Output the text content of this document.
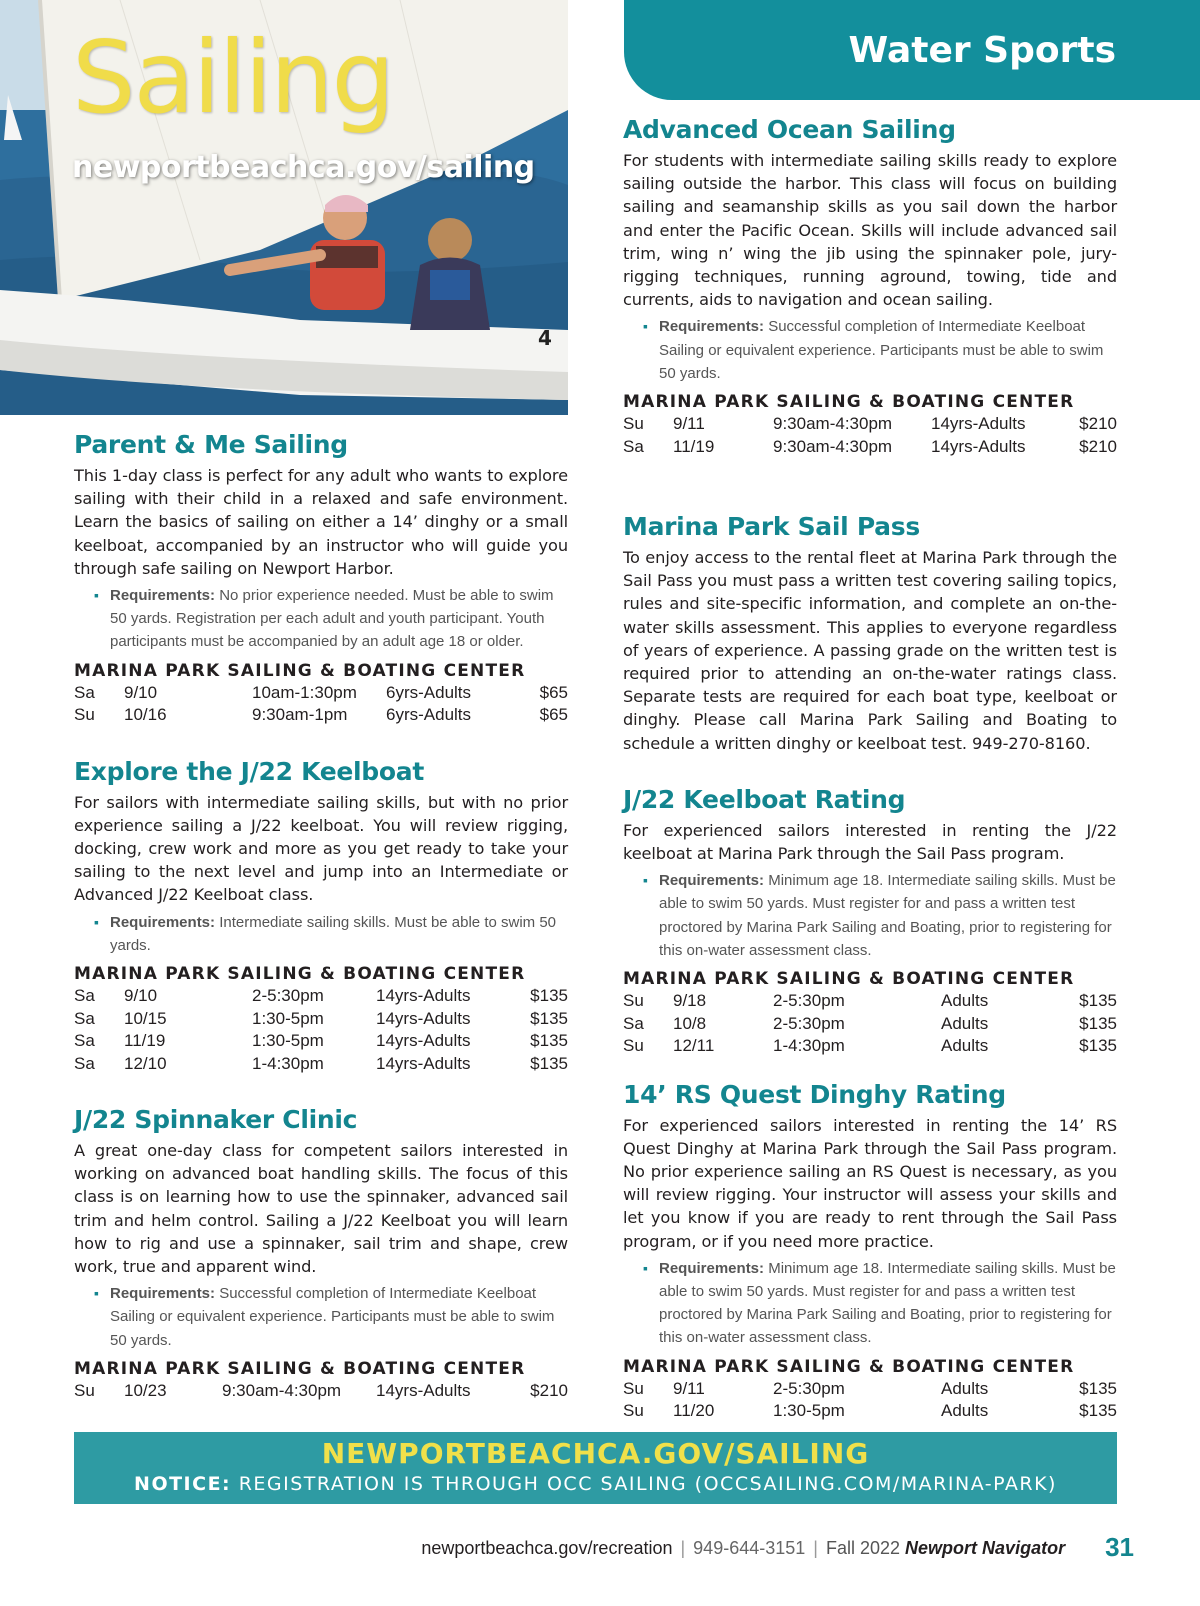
4
Sailing
newportbeachca.gov/sailing
Water Sports
Parent & Me Sailing

This 1-day class is perfect for any adult who wants to explore sailing with their child in a relaxed and safe environment. Learn the basics of sailing on either a 14’ dinghy or a small keelboat, accompanied by an instructor who will guide you through safe sailing on Newport Harbor.

▪ Requirements: No prior experience needed. Must be able to swim 50 yards. Registration per each adult and youth participant. Youth participants must be accompanied by an adult age 18 or older.
MARINA PARK SAILING & BOATING CENTER
Sa	9/10	10am-1:30pm	6yrs-Adults	$65
Su	10/16	9:30am-1pm	6yrs-Adults	$65
Explore the J/22 Keelboat

For sailors with intermediate sailing skills, but with no prior experience sailing a J/22 keelboat. You will review rigging, docking, crew work and more as you get ready to take your sailing to the next level and jump into an Intermediate or Advanced J/22 Keelboat class.

▪ Requirements: Intermediate sailing skills. Must be able to swim 50 yards.
MARINA PARK SAILING & BOATING CENTER
Sa	9/10	2-5:30pm	14yrs-Adults	$135
Sa	10/15	1:30-5pm	14yrs-Adults	$135
Sa	11/19	1:30-5pm	14yrs-Adults	$135
Sa	12/10	1-4:30pm	14yrs-Adults	$135
J/22 Spinnaker Clinic

A great one-day class for competent sailors interested in working on advanced boat handling skills. The focus of this class is on learning how to use the spinnaker, advanced sail trim and helm control. Sailing a J/22 Keelboat you will learn how to rig and use a spinnaker, sail trim and shape, crew work, true and apparent wind.

▪ Requirements: Successful completion of Intermediate Keelboat Sailing or equivalent experience. Participants must be able to swim 50 yards.
MARINA PARK SAILING & BOATING CENTER
Su	10/23	9:30am-4:30pm	14yrs-Adults	$210
Advanced Ocean Sailing

For students with intermediate sailing skills ready to explore sailing outside the harbor. This class will focus on building sailing and seamanship skills as you sail down the harbor and enter the Pacific Ocean. Skills will include advanced sail trim, wing n’ wing the jib using the spinnaker pole, jury-rigging techniques, running aground, towing, tide and currents, aids to navigation and ocean sailing.

▪ Requirements: Successful completion of Intermediate Keelboat Sailing or equivalent experience. Participants must be able to swim 50 yards.
MARINA PARK SAILING & BOATING CENTER
Su	9/11	9:30am-4:30pm	14yrs-Adults	$210
Sa	11/19	9:30am-4:30pm	14yrs-Adults	$210
Marina Park Sail Pass

To enjoy access to the rental fleet at Marina Park through the Sail Pass you must pass a written test covering sailing topics, rules and site-specific information, and complete an on-the-water skills assessment. This applies to everyone regardless of years of experience. A passing grade on the written test is required prior to attending an on-the-water ratings class. Separate tests are required for each boat type, keelboat or dinghy. Please call Marina Park Sailing and Boating to schedule a written dinghy or keelboat test. 949-270-8160.

J/22 Keelboat Rating

For experienced sailors interested in renting the J/22 keelboat at Marina Park through the Sail Pass program.

▪ Requirements: Minimum age 18. Intermediate sailing skills. Must be able to swim 50 yards. Must register for and pass a written test proctored by Marina Park Sailing and Boating, prior to registering for this on-water assessment class.
MARINA PARK SAILING & BOATING CENTER
Su	9/18	2-5:30pm	Adults	$135
Sa	10/8	2-5:30pm	Adults	$135
Su	12/11	1-4:30pm	Adults	$135
14’ RS Quest Dinghy Rating

For experienced sailors interested in renting the 14’ RS Quest Dinghy at Marina Park through the Sail Pass program. No prior experience sailing an RS Quest is necessary, as you will review rigging. Your instructor will assess your skills and let you know if you are ready to rent through the Sail Pass program, or if you need more practice.

▪ Requirements: Minimum age 18. Intermediate sailing skills. Must be able to swim 50 yards. Must register for and pass a written test proctored by Marina Park Sailing and Boating, prior to registering for this on-water assessment class.
MARINA PARK SAILING & BOATING CENTER
Su	9/11	2-5:30pm	Adults	$135
Su	11/20	1:30-5pm	Adults	$135
NEWPORTBEACHCA.GOV/SAILING
NOTICE: REGISTRATION IS THROUGH OCC SAILING (OCCSAILING.COM/MARINA-PARK)
newportbeachca.gov/recreation | 949-644-3151 | Fall 2022 Newport Navigator 31
